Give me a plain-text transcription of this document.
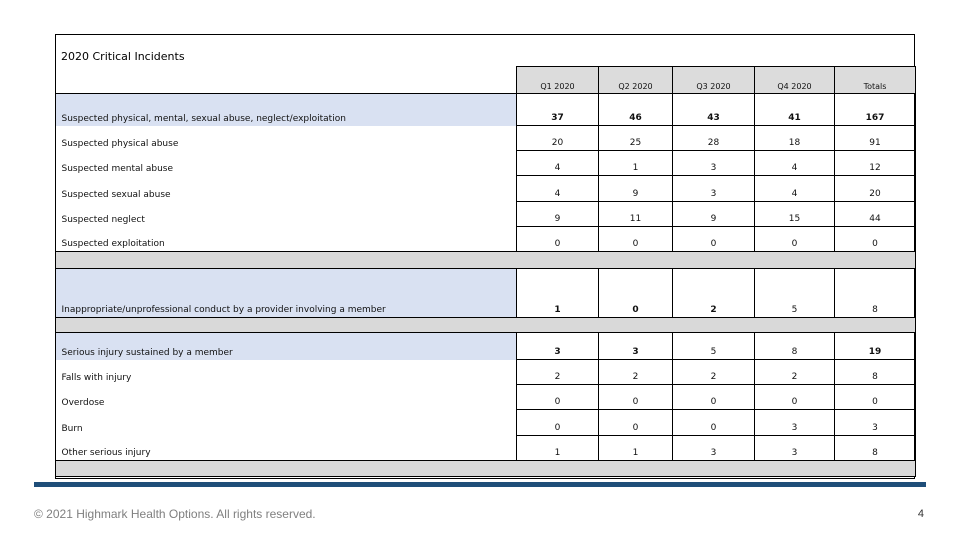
2020 Critical Incidents
	Q1 2020	Q2 2020	Q3 2020	Q4 2020	Totals
Suspected physical, mental, sexual abuse, neglect/exploitation	37	46	43	41	167
Suspected physical abuse	20	25	28	18	91
Suspected mental abuse	4	1	3	4	12
Suspected sexual abuse	4	9	3	4	20
Suspected neglect	9	11	9	15	44
Suspected exploitation	0	0	0	0	0

Inappropriate/unprofessional conduct by a provider involving a member	1	0	2	5	8

Serious injury sustained by a member	3	3	5	8	19
Falls with injury	2	2	2	2	8
Overdose	0	0	0	0	0
Burn	0	0	0	3	3
Other serious injury	1	1	3	3	8

© 2021 Highmark Health Options. All rights reserved.	4
